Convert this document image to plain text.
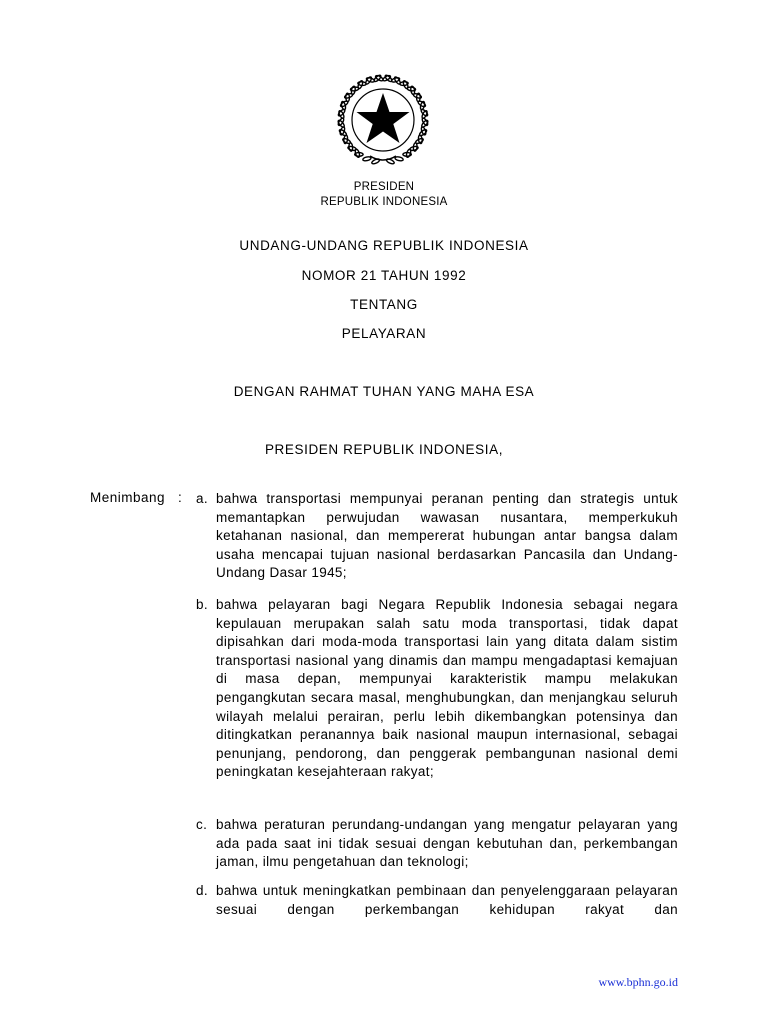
PRESIDEN
REPUBLIK INDONESIA
UNDANG-UNDANG REPUBLIK INDONESIA
NOMOR 21 TAHUN 1992
TENTANG
PELAYARAN
DENGAN RAHMAT TUHAN YANG MAHA ESA
PRESIDEN REPUBLIK INDONESIA,
Menimbang : a. bahwa transportasi mempunyai peranan penting dan strategis untuk memantapkan perwujudan wawasan nusantara, memperkukuh ketahanan nasional, dan mempererat hubungan antar bangsa dalam usaha mencapai tujuan nasional berdasarkan Pancasila dan Undang-Undang Dasar 1945;
b. bahwa pelayaran bagi Negara Republik Indonesia sebagai negara kepulauan merupakan salah satu moda transportasi, tidak dapat dipisahkan dari moda-moda transportasi lain yang ditata dalam sistim transportasi nasional yang dinamis dan mampu mengadaptasi kemajuan di masa depan, mempunyai karakteristik mampu melakukan pengangkutan secara masal, menghubungkan, dan menjangkau seluruh wilayah melalui perairan, perlu lebih dikembangkan potensinya dan ditingkatkan peranannya baik nasional maupun internasional, sebagai penunjang, pendorong, dan penggerak pembangunan nasional demi peningkatan kesejahteraan rakyat;
c. bahwa peraturan perundang-undangan yang mengatur pelayaran yang ada pada saat ini tidak sesuai dengan kebutuhan dan, perkembangan jaman, ilmu pengetahuan dan teknologi;
d. bahwa untuk meningkatkan pembinaan dan penyelenggaraan pelayaran sesuai dengan perkembangan kehidupan rakyat dan
www.bphn.go.id
